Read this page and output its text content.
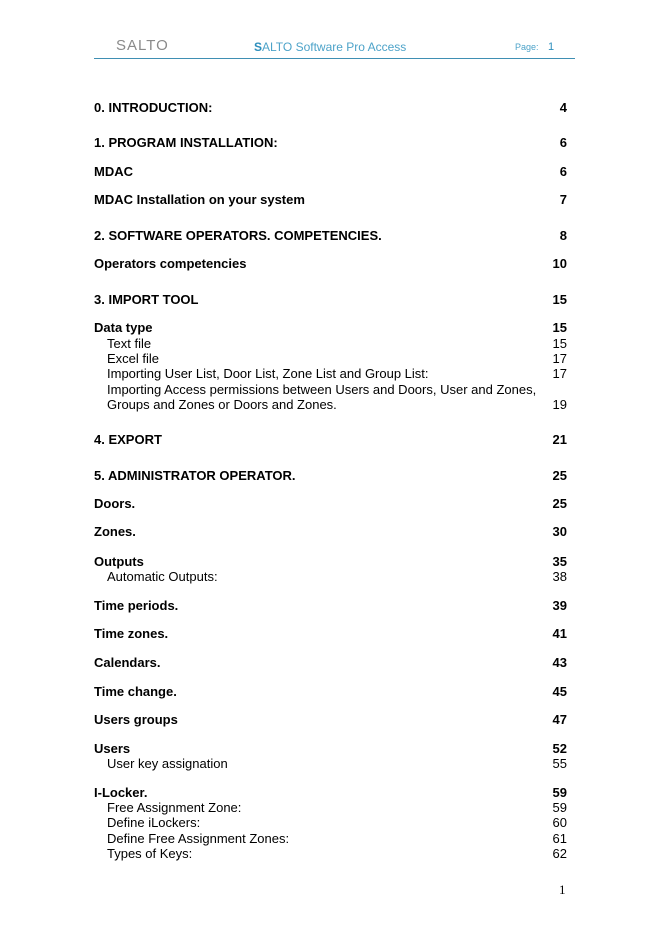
SALTO	SALTO Software Pro Access	Page: 1
0. INTRODUCTION:	4
1. PROGRAM INSTALLATION:	6
MDAC	6
MDAC Installation on your system	7
2. SOFTWARE OPERATORS. COMPETENCIES.	8
Operators competencies	10
3. IMPORT TOOL	15
Data type	15
Text file	15
Excel file	17
Importing User List, Door List, Zone List and Group List:	17
Importing Access permissions between Users and Doors, User and Zones,
Groups and Zones or Doors and Zones.	19
4. EXPORT	21
5. ADMINISTRATOR OPERATOR.	25
Doors.	25
Zones.	30
Outputs	35
Automatic Outputs:	38
Time periods.	39
Time zones.	41
Calendars.	43
Time change.	45
Users groups	47
Users	52
User key assignation	55
I-Locker.	59
Free Assignment Zone:	59
Define iLockers:	60
Define Free Assignment Zones:	61
Types of Keys:	62
1
